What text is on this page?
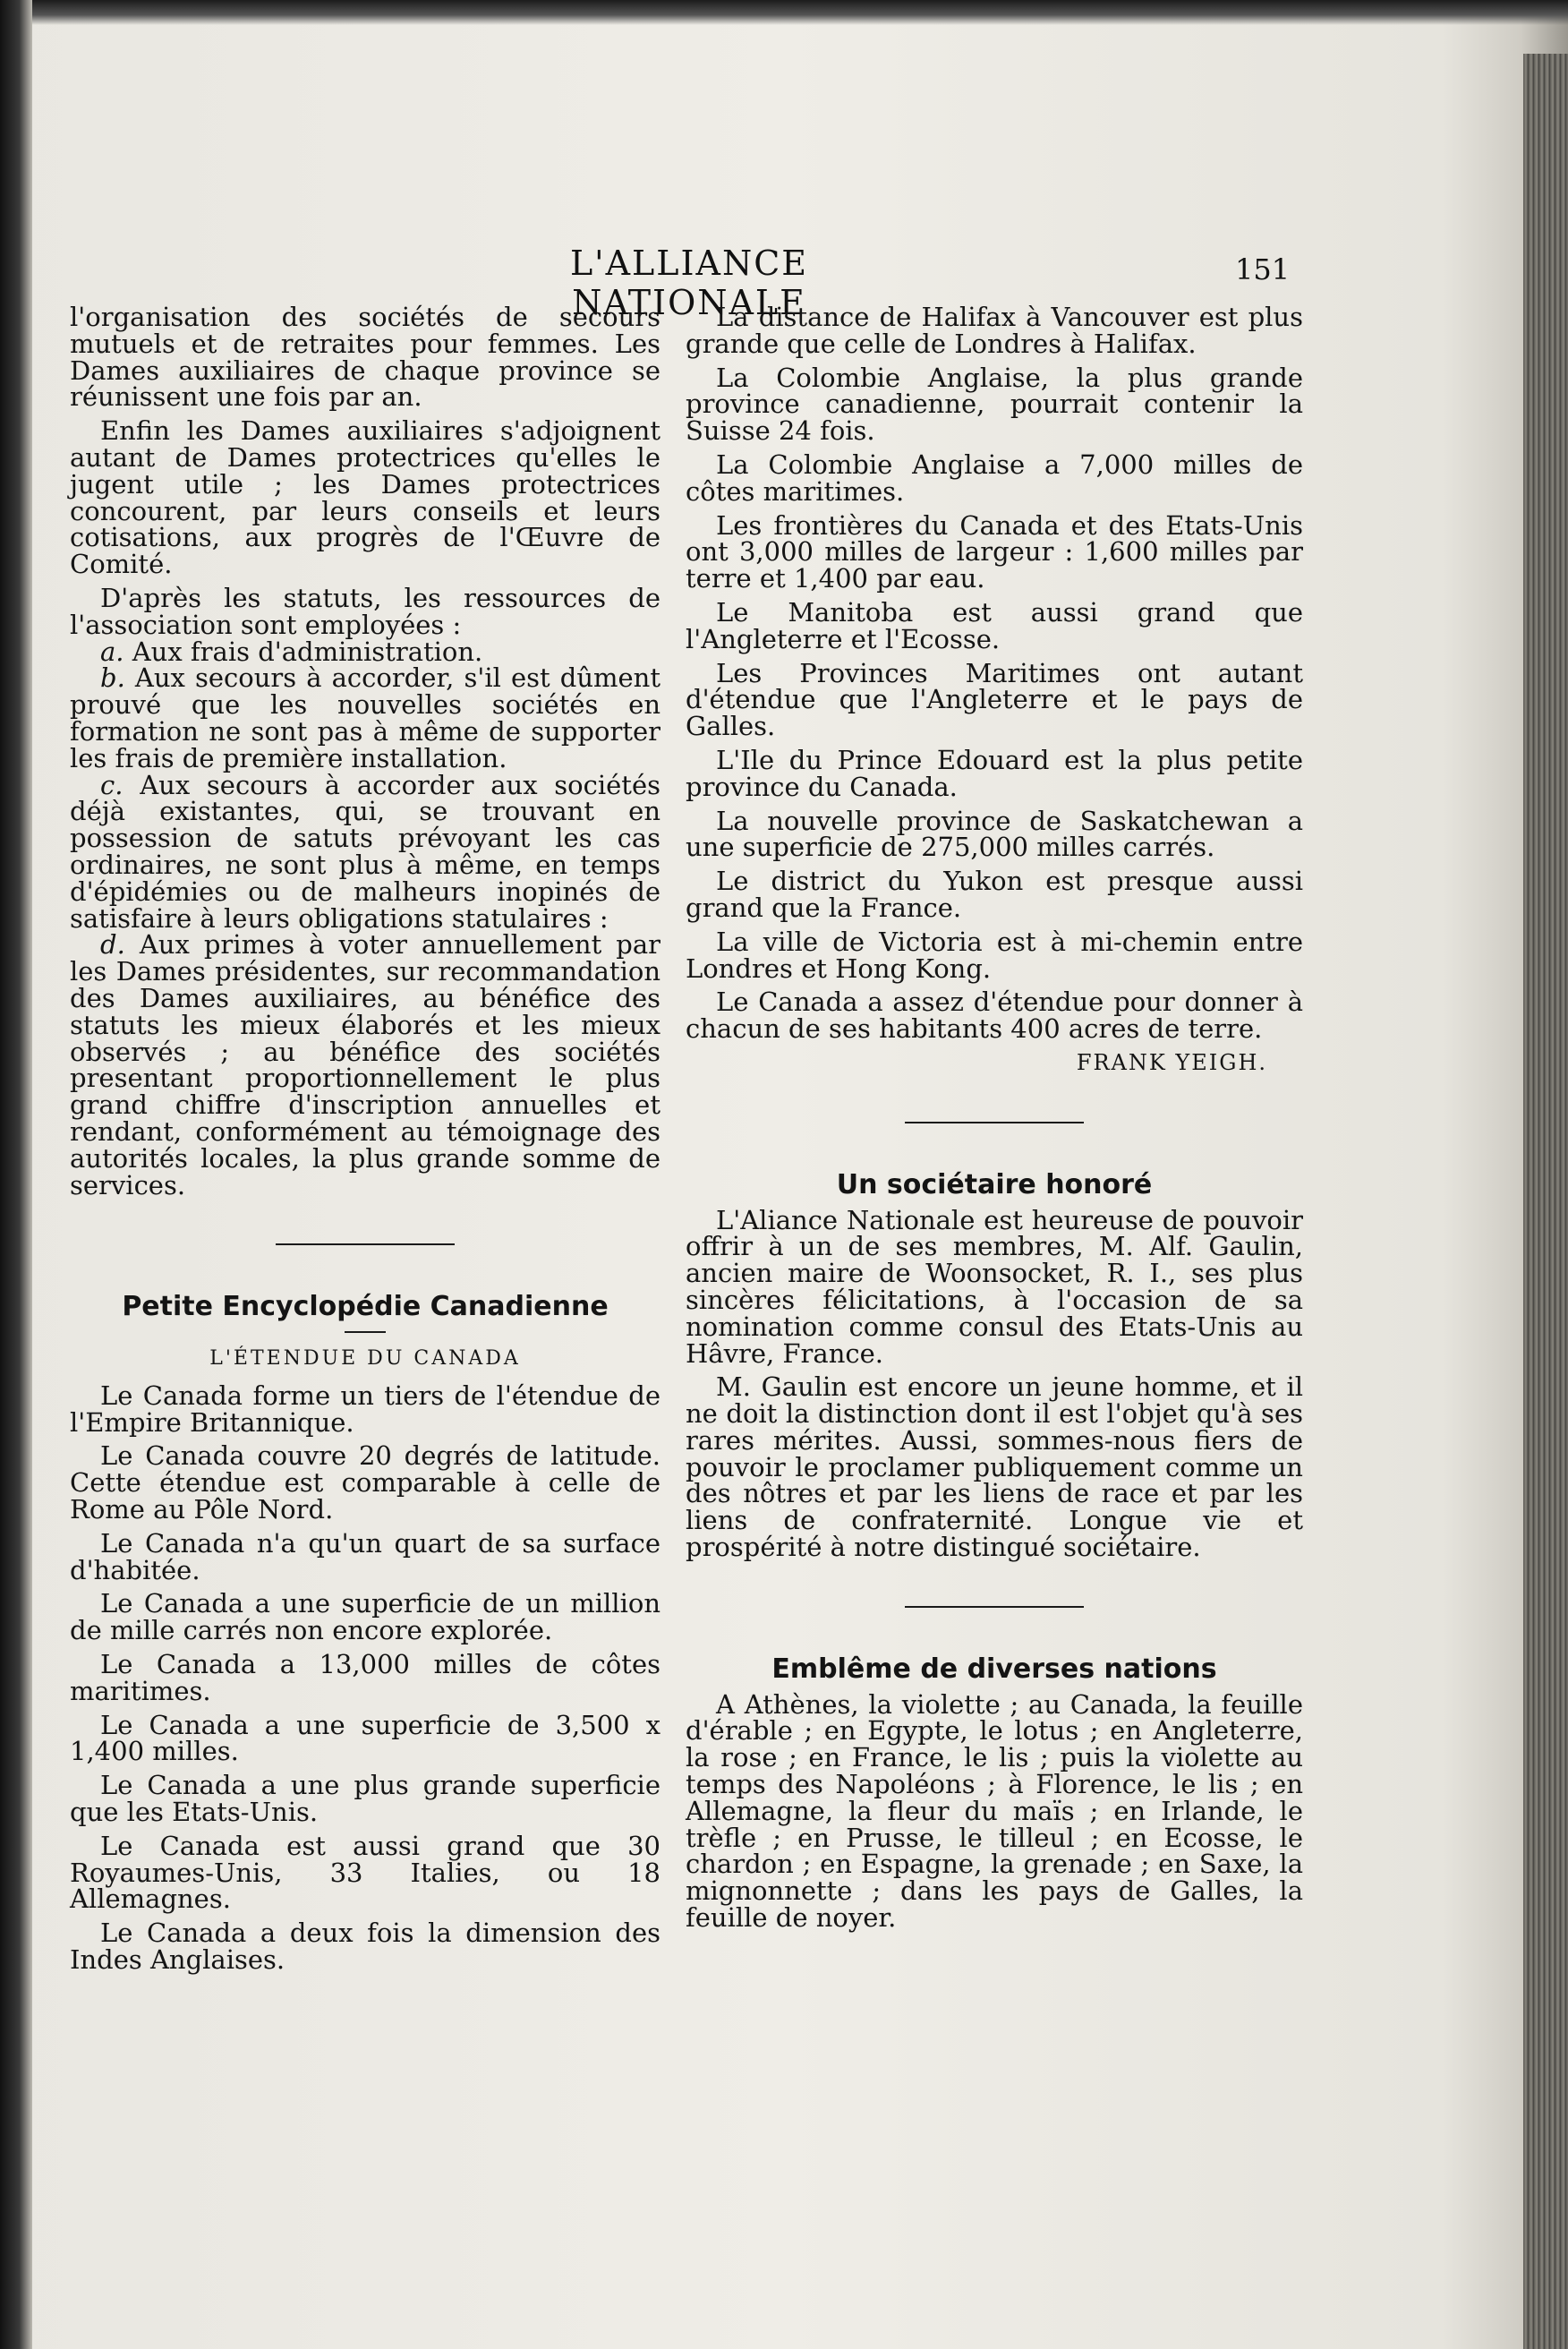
L'ALLIANCE NATIONALE
151

l'organisation des sociétés de secours mutuels et de retraites pour femmes. Les Dames auxiliaires de chaque province se réunissent une fois par an.

Enfin les Dames auxiliaires s'adjoignent autant de Dames protectrices qu'elles le jugent utile ; les Dames protectrices concourent, par leurs conseils et leurs cotisations, aux progrès de l'Œuvre de Comité.

D'après les statuts, les ressources de l'association sont employées :

a. Aux frais d'administration.

b. Aux secours à accorder, s'il est dûment prouvé que les nouvelles sociétés en formation ne sont pas à même de supporter les frais de première installation.

c. Aux secours à accorder aux sociétés déjà existantes, qui, se trouvant en possession de satuts prévoyant les cas ordinaires, ne sont plus à même, en temps d'épidémies ou de malheurs inopinés de satisfaire à leurs obligations statulaires :

d. Aux primes à voter annuellement par les Dames présidentes, sur recommandation des Dames auxiliaires, au bénéfice des statuts les mieux élaborés et les mieux observés ; au bénéfice des sociétés presentant proportionnellement le plus grand chiffre d'inscription annuelles et rendant, conformément au témoignage des autorités locales, la plus grande somme de services.

Petite Encyclopédie Canadienne
L'ÉTENDUE DU CANADA

Le Canada forme un tiers de l'étendue de l'Empire Britannique.

Le Canada couvre 20 degrés de latitude. Cette étendue est comparable à celle de Rome au Pôle Nord.

Le Canada n'a qu'un quart de sa surface d'habitée.

Le Canada a une superficie de un million de mille carrés non encore explorée.

Le Canada a 13,000 milles de côtes maritimes.

Le Canada a une superficie de 3,500 x 1,400 milles.

Le Canada a une plus grande superficie que les Etats-Unis.

Le Canada est aussi grand que 30 Royaumes-Unis, 33 Italies, ou 18 Allemagnes.

Le Canada a deux fois la dimension des Indes Anglaises.

La distance de Halifax à Vancouver est plus grande que celle de Londres à Halifax.

La Colombie Anglaise, la plus grande province canadienne, pourrait contenir la Suisse 24 fois.

La Colombie Anglaise a 7,000 milles de côtes maritimes.

Les frontières du Canada et des Etats-Unis ont 3,000 milles de largeur : 1,600 milles par terre et 1,400 par eau.

Le Manitoba est aussi grand que l'Angleterre et l'Ecosse.

Les Provinces Maritimes ont autant d'étendue que l'Angleterre et le pays de Galles.

L'Ile du Prince Edouard est la plus petite province du Canada.

La nouvelle province de Saskatchewan a une superficie de 275,000 milles carrés.

Le district du Yukon est presque aussi grand que la France.

La ville de Victoria est à mi-chemin entre Londres et Hong Kong.

Le Canada a assez d'étendue pour donner à chacun de ses habitants 400 acres de terre.

FRANK YEIGH.
Un sociétaire honoré

L'Aliance Nationale est heureuse de pouvoir offrir à un de ses membres, M. Alf. Gaulin, ancien maire de Woonsocket, R. I., ses plus sincères félicitations, à l'occasion de sa nomination comme consul des Etats-Unis au Hâvre, France.

M. Gaulin est encore un jeune homme, et il ne doit la distinction dont il est l'objet qu'à ses rares mérites. Aussi, sommes-nous fiers de pouvoir le proclamer publiquement comme un des nôtres et par les liens de race et par les liens de confraternité. Longue vie et prospérité à notre distingué sociétaire.

Emblême de diverses nations

A Athènes, la violette ; au Canada, la feuille d'érable ; en Egypte, le lotus ; en Angleterre, la rose ; en France, le lis ; puis la violette au temps des Napoléons ; à Florence, le lis ; en Allemagne, la fleur du maïs ; en Irlande, le trèfle ; en Prusse, le tilleul ; en Ecosse, le chardon ; en Espagne, la grenade ; en Saxe, la mignonnette ; dans les pays de Galles, la feuille de noyer.
